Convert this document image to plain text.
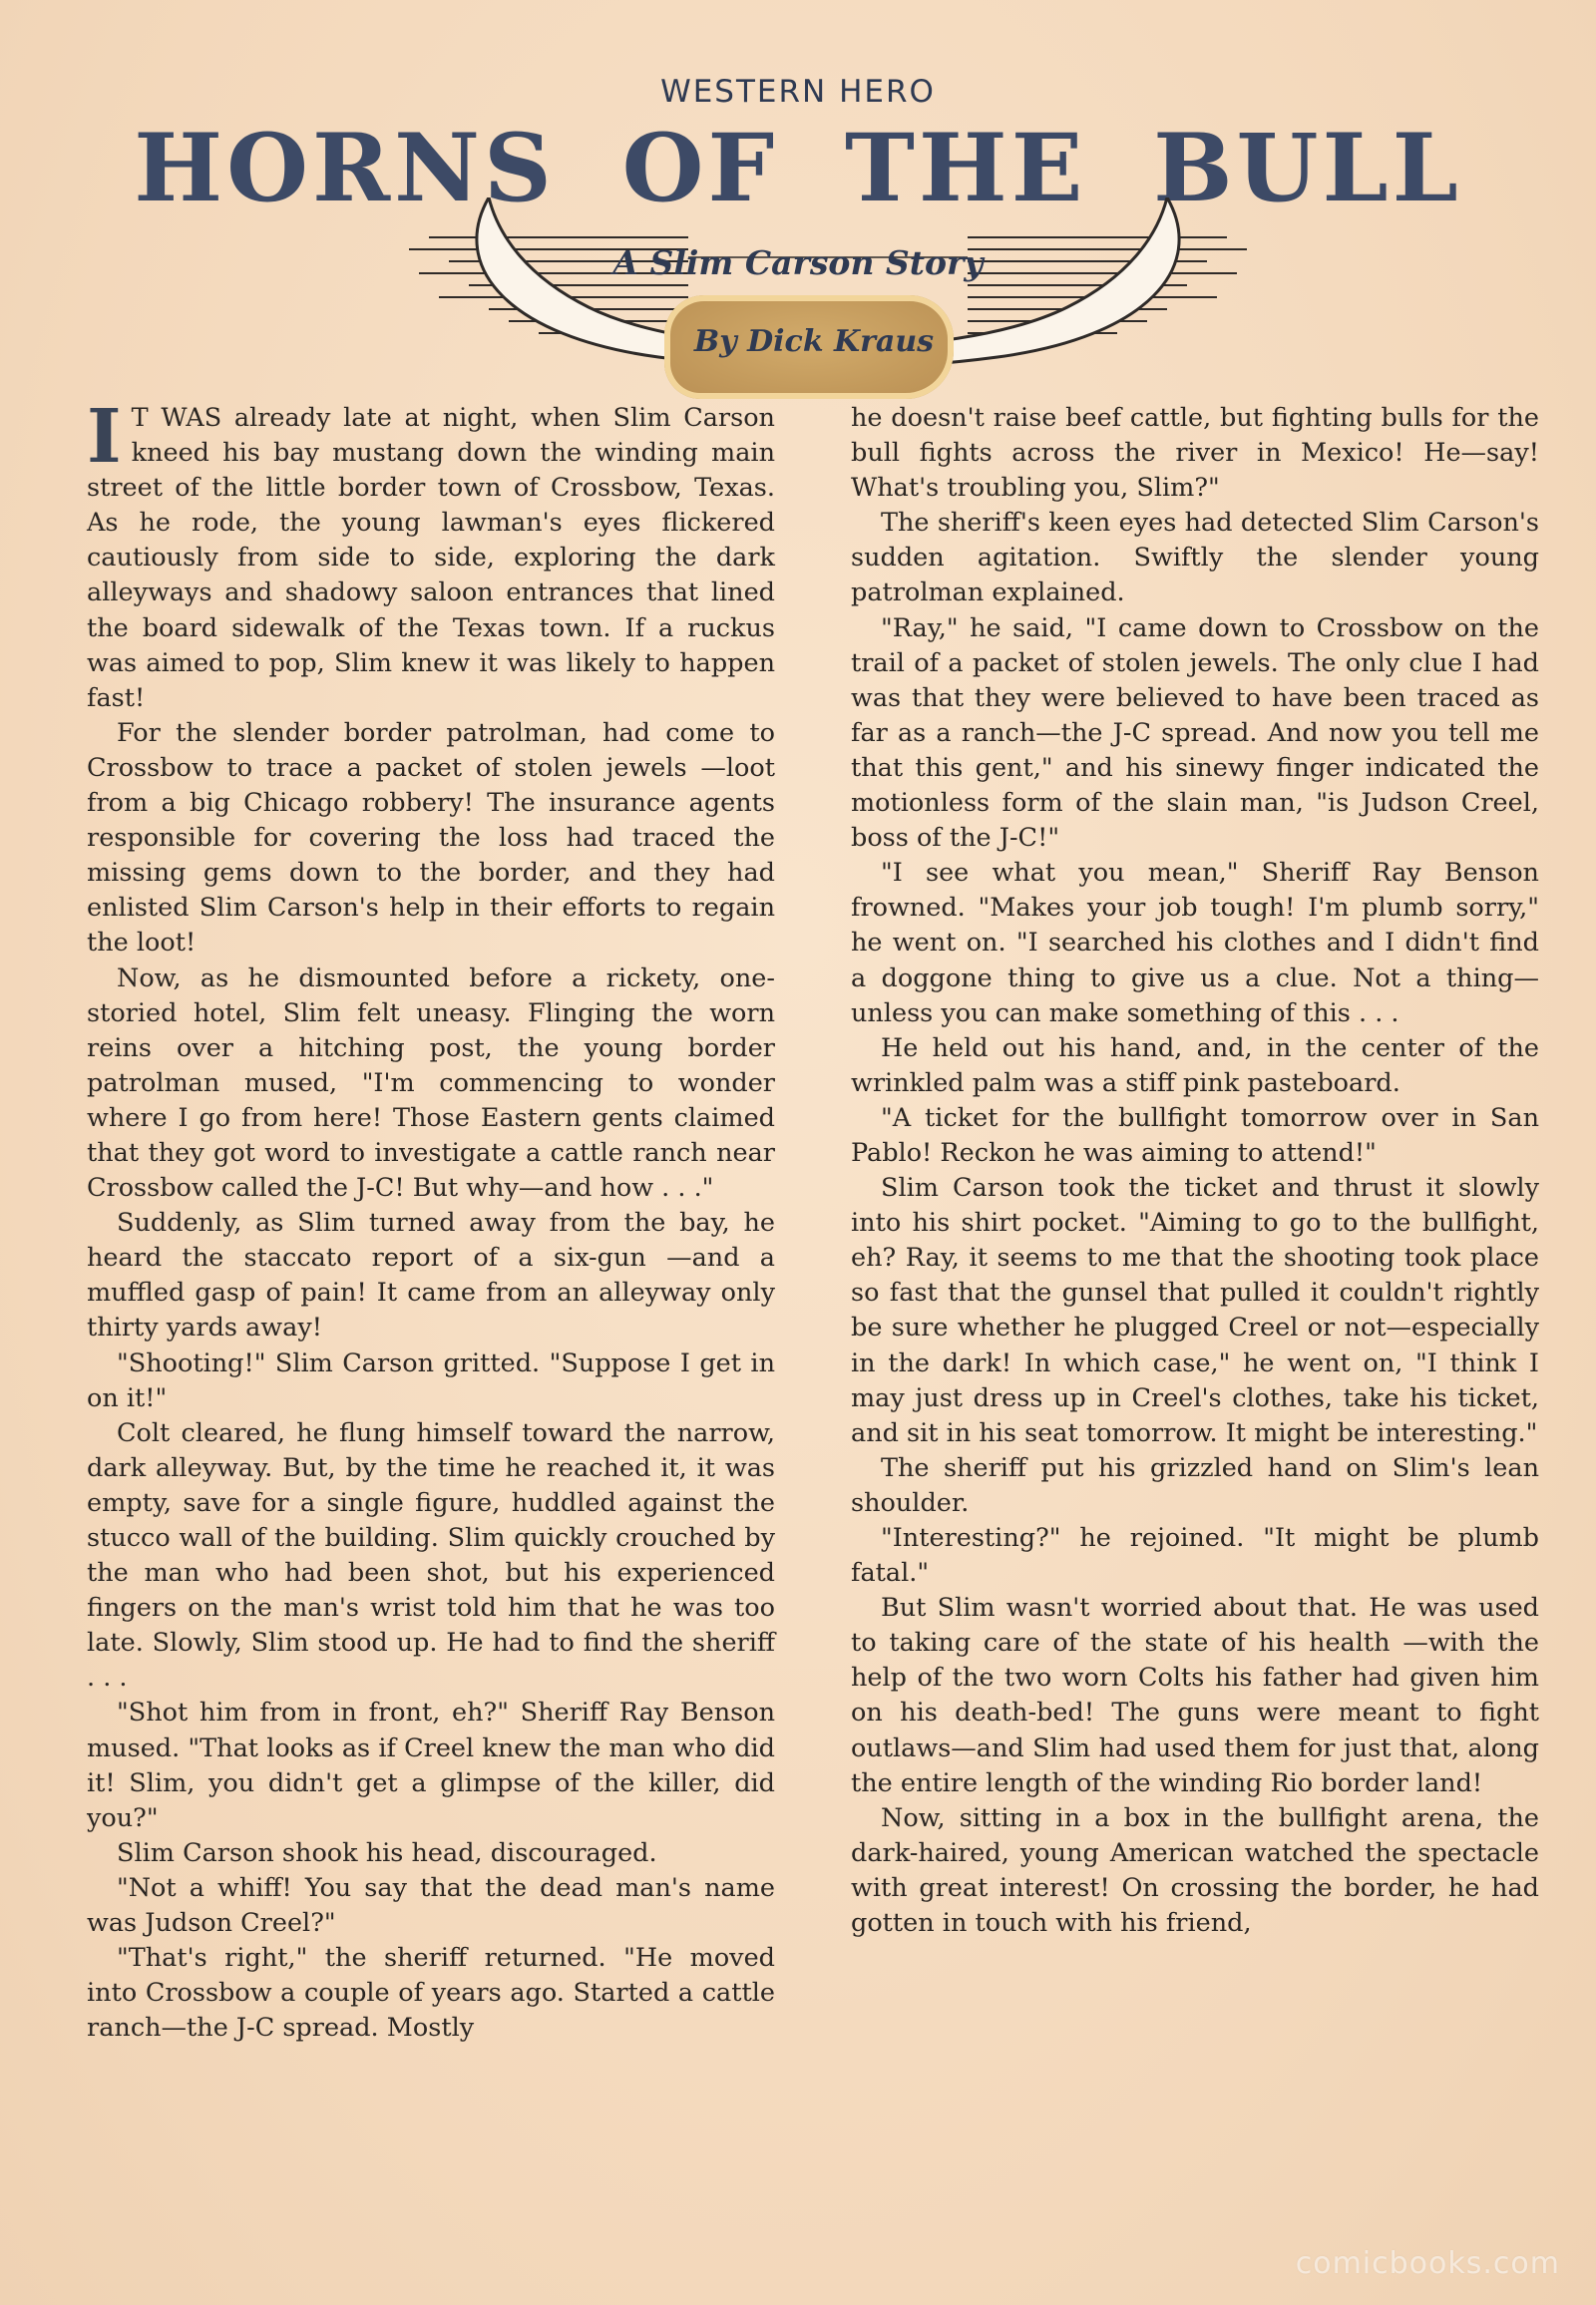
WESTERN HERO
HORNS OF THE BULL
A Slim Carson Story
By Dick Kraus

I T WAS already late at night, when Slim Carson kneed his bay mustang down the winding main street of the little border town of Crossbow, Texas. As he rode, the young lawman's eyes flickered cautiously from side to side, exploring the dark alleyways and shadowy saloon entrances that lined the board sidewalk of the Texas town. If a ruckus was aimed to pop, Slim knew it was likely to happen fast!

For the slender border patrolman, had come to Crossbow to trace a packet of stolen jewels —loot from a big Chicago robbery! The insurance agents responsible for covering the loss had traced the missing gems down to the border, and they had enlisted Slim Carson's help in their efforts to regain the loot!

Now, as he dismounted before a rickety, one-storied hotel, Slim felt uneasy. Flinging the worn reins over a hitching post, the young border patrolman mused, "I'm commencing to wonder where I go from here! Those Eastern gents claimed that they got word to investigate a cattle ranch near Crossbow called the J-C! But why—and how . . ."

Suddenly, as Slim turned away from the bay, he heard the staccato report of a six-gun —and a muffled gasp of pain! It came from an alleyway only thirty yards away!

"Shooting!" Slim Carson gritted. "Suppose I get in on it!"

Colt cleared, he flung himself toward the narrow, dark alleyway. But, by the time he reached it, it was empty, save for a single figure, huddled against the stucco wall of the building. Slim quickly crouched by the man who had been shot, but his experienced fingers on the man's wrist told him that he was too late. Slowly, Slim stood up. He had to find the sheriff . . .

"Shot him from in front, eh?" Sheriff Ray Benson mused. "That looks as if Creel knew the man who did it! Slim, you didn't get a glimpse of the killer, did you?"

Slim Carson shook his head, discouraged.

"Not a whiff! You say that the dead man's name was Judson Creel?"

"That's right," the sheriff returned. "He moved into Crossbow a couple of years ago. Started a cattle ranch—the J-C spread. Mostly

he doesn't raise beef cattle, but fighting bulls for the bull fights across the river in Mexico! He—say! What's troubling you, Slim?"

The sheriff's keen eyes had detected Slim Carson's sudden agitation. Swiftly the slender young patrolman explained.

"Ray," he said, "I came down to Crossbow on the trail of a packet of stolen jewels. The only clue I had was that they were believed to have been traced as far as a ranch—the J-C spread. And now you tell me that this gent," and his sinewy finger indicated the motionless form of the slain man, "is Judson Creel, boss of the J-C!"

"I see what you mean," Sheriff Ray Benson frowned. "Makes your job tough! I'm plumb sorry," he went on. "I searched his clothes and I didn't find a doggone thing to give us a clue. Not a thing—unless you can make something of this . . .

He held out his hand, and, in the center of the wrinkled palm was a stiff pink pasteboard.

"A ticket for the bullfight tomorrow over in San Pablo! Reckon he was aiming to attend!"

Slim Carson took the ticket and thrust it slowly into his shirt pocket. "Aiming to go to the bullfight, eh? Ray, it seems to me that the shooting took place so fast that the gunsel that pulled it couldn't rightly be sure whether he plugged Creel or not—especially in the dark! In which case," he went on, "I think I may just dress up in Creel's clothes, take his ticket, and sit in his seat tomorrow. It might be interesting."

The sheriff put his grizzled hand on Slim's lean shoulder.

"Interesting?" he rejoined. "It might be plumb fatal."

But Slim wasn't worried about that. He was used to taking care of the state of his health —with the help of the two worn Colts his father had given him on his death-bed! The guns were meant to fight outlaws—and Slim had used them for just that, along the entire length of the winding Rio border land!

Now, sitting in a box in the bullfight arena, the dark-haired, young American watched the spectacle with great interest! On crossing the border, he had gotten in touch with his friend,

comicbooks.com
